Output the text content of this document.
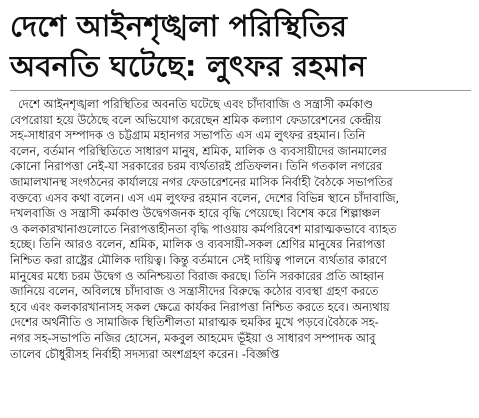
দেশে আইনশৃঙ্খলা পরিস্থিতির
অবনতি ঘটেছে: লুৎফর রহমান
দেশে আইনশৃঙ্খলা পরিস্থিতির অবনতি ঘটেছে এবং চাঁদাবাজি ও সন্ত্রাসী কর্মকাণ্ড
বেপরোয়া হয়ে উঠেছে বলে অভিযোগ করেছেন শ্রমিক কল্যাণ ফেডারেশনের কেন্দ্রীয়
সহ-সাধারণ সম্পাদক ও চট্টগ্রাম মহানগর সভাপতি এস এম লুৎফর রহমান। তিনি
বলেন, বর্তমান পরিস্থিতিতে সাধারণ মানুষ, শ্রমিক, মালিক ও ব্যবসায়ীদের জানমালের
কোনো নিরাপত্তা নেই-যা সরকারের চরম ব্যর্থতারই প্রতিফলন। তিনি গতকাল নগরের
জামালখানস্থ সংগঠনের কার্যালয়ে নগর ফেডারেশনের মাসিক নির্বাহী বৈঠকে সভাপতির
বক্তব্যে এসব কথা বলেন। এস এম লুৎফর রহমান বলেন, দেশের বিভিন্ন স্থানে চাঁদাবাজি,
দখলবাজি ও সন্ত্রাসী কর্মকাণ্ড উদ্বেগজনক হারে বৃদ্ধি পেয়েছে। বিশেষ করে শিল্পাঞ্চল
ও কলকারখানাগুলোতে নিরাপত্তাহীনতা বৃদ্ধি পাওয়ায় কর্মপরিবেশ মারাত্মকভাবে ব্যাহত
হচ্ছে। তিনি আরও বলেন, শ্রমিক, মালিক ও ব্যবসায়ী-সকল শ্রেণির মানুষের নিরাপত্তা
নিশ্চিত করা রাষ্ট্রের মৌলিক দায়িত্ব। কিন্তু বর্তমানে সেই দায়িত্ব পালনে ব্যর্থতার কারণে
মানুষের মধ্যে চরম উদ্বেগ ও অনিশ্চয়তা বিরাজ করছে। তিনি সরকারের প্রতি আহ্বান
জানিয়ে বলেন, অবিলম্বে চাঁদাবাজ ও সন্ত্রাসীদের বিরুদ্ধে কঠোর ব্যবস্থা গ্রহণ করতে
হবে এবং কলকারখানাসহ সকল ক্ষেত্রে কার্যকর নিরাপত্তা নিশ্চিত করতে হবে। অন্যথায়
দেশের অর্থনীতি ও সামাজিক স্থিতিশীলতা মারাত্মক হুমকির মুখে পড়বে।বৈঠকে সহ-
নগর সহ-সভাপতি নজির হোসেন, মকবুল আহমেদ ভূঁইয়া ও সাধারণ সম্পাদক আবু
তালেব চৌধুরীসহ নির্বাহী সদস্যরা অংশগ্রহণ করেন। -বিজ্ঞপ্তি
